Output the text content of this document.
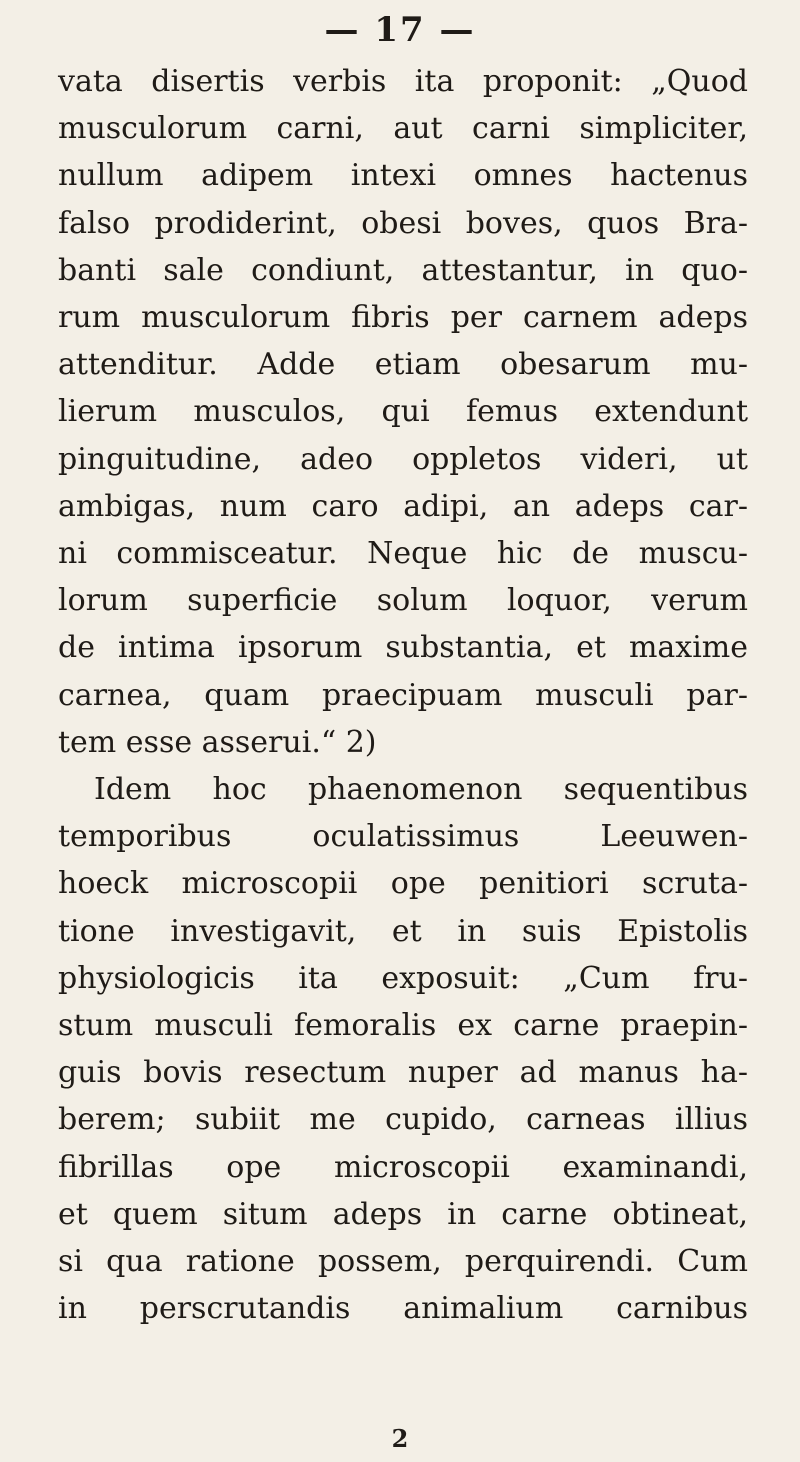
— 17 —
vata disertis verbis ita proponit: „Quod
musculorum carni, aut carni simpliciter,
nullum adipem intexi omnes hactenus
falso prodiderint, obesi boves, quos Bra-
banti sale condiunt, attestantur, in quo-
rum musculorum fibris per carnem adeps
attenditur. Adde etiam obesarum mu-
lierum musculos, qui femus extendunt
pinguitudine, adeo oppletos videri, ut
ambigas, num caro adipi, an adeps car-
ni commisceatur. Neque hic de muscu-
lorum superficie solum loquor, verum
de intima ipsorum substantia, et maxime
carnea, quam praecipuam musculi par-
tem esse asserui.“ 2)
Idem hoc phaenomenon sequentibus
temporibus oculatissimus Leeuwen-
hoeck microscopii ope penitiori scruta-
tione investigavit, et in suis Epistolis
physiologicis ita exposuit: „Cum fru-
stum musculi femoralis ex carne praepin-
guis bovis resectum nuper ad manus ha-
berem; subiit me cupido, carneas illius
fibrillas ope microscopii examinandi,
et quem situm adeps in carne obtineat,
si qua ratione possem, perquirendi. Cum
in perscrutandis animalium carnibus
2
